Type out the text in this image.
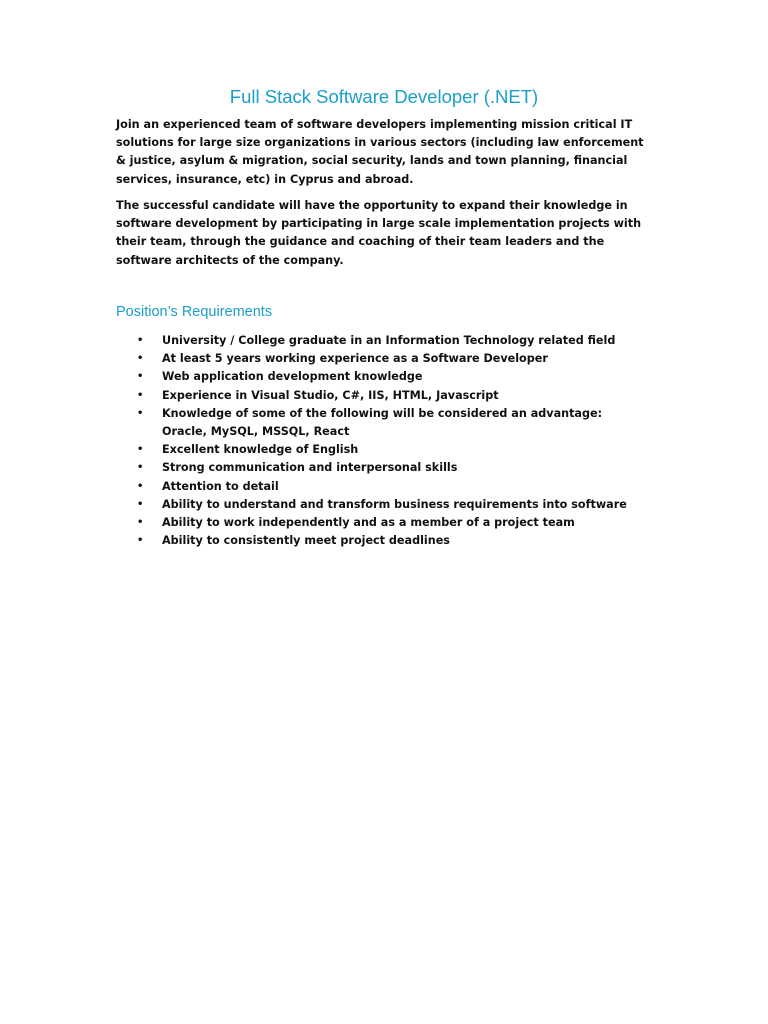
Full Stack Software Developer (.NET)

Join an experienced team of software developers implementing mission critical IT solutions for large size organizations in various sectors (including law enforcement & justice, asylum & migration, social security, lands and town planning, financial services, insurance, etc) in Cyprus and abroad.

The successful candidate will have the opportunity to expand their knowledge in software development by participating in large scale implementation projects with their team, through the guidance and coaching of their team leaders and the software architects of the company.

Position’s Requirements
• University / College graduate in an Information Technology related field
• At least 5 years working experience as a Software Developer
• Web application development knowledge
• Experience in Visual Studio, C#, IIS, HTML, Javascript
• Knowledge of some of the following will be considered an advantage: Oracle, MySQL, MSSQL, React
• Excellent knowledge of English
• Strong communication and interpersonal skills
• Attention to detail
• Ability to understand and transform business requirements into software
• Ability to work independently and as a member of a project team
• Ability to consistently meet project deadlines
